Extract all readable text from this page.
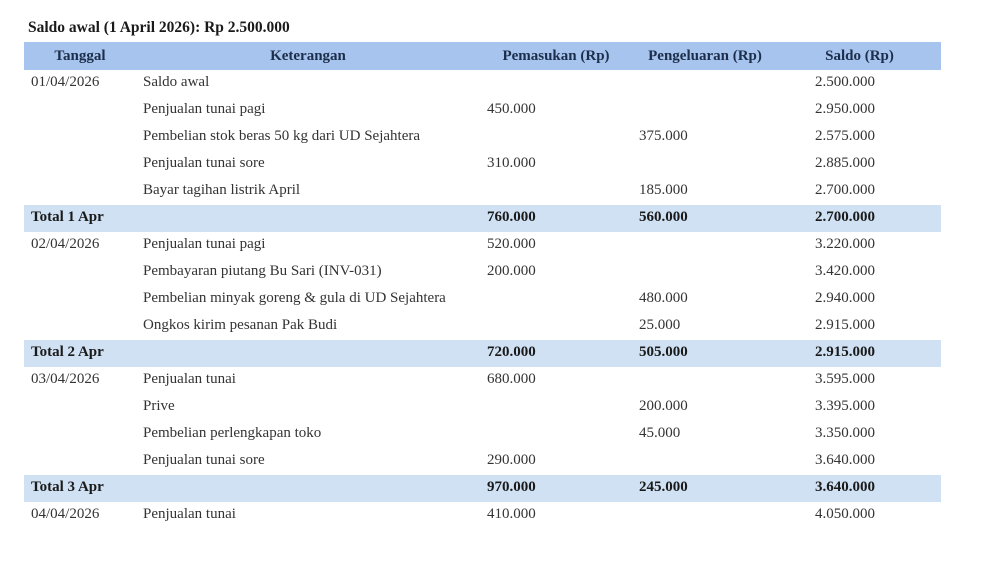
Saldo awal (1 April 2026): Rp 2.500.000
Tanggal	Keterangan	Pemasukan (Rp)	Pengeluaran (Rp)	Saldo (Rp)
01/04/2026	Saldo awal			2.500.000
	Penjualan tunai pagi	450.000		2.950.000
	Pembelian stok beras 50 kg dari UD Sejahtera		375.000	2.575.000
	Penjualan tunai sore	310.000		2.885.000
	Bayar tagihan listrik April		185.000	2.700.000
Total 1 Apr		760.000	560.000	2.700.000
02/04/2026	Penjualan tunai pagi	520.000		3.220.000
	Pembayaran piutang Bu Sari (INV-031)	200.000		3.420.000
	Pembelian minyak goreng & gula di UD Sejahtera		480.000	2.940.000
	Ongkos kirim pesanan Pak Budi		25.000	2.915.000
Total 2 Apr		720.000	505.000	2.915.000
03/04/2026	Penjualan tunai	680.000		3.595.000
	Prive		200.000	3.395.000
	Pembelian perlengkapan toko		45.000	3.350.000
	Penjualan tunai sore	290.000		3.640.000
Total 3 Apr		970.000	245.000	3.640.000
04/04/2026	Penjualan tunai	410.000		4.050.000
